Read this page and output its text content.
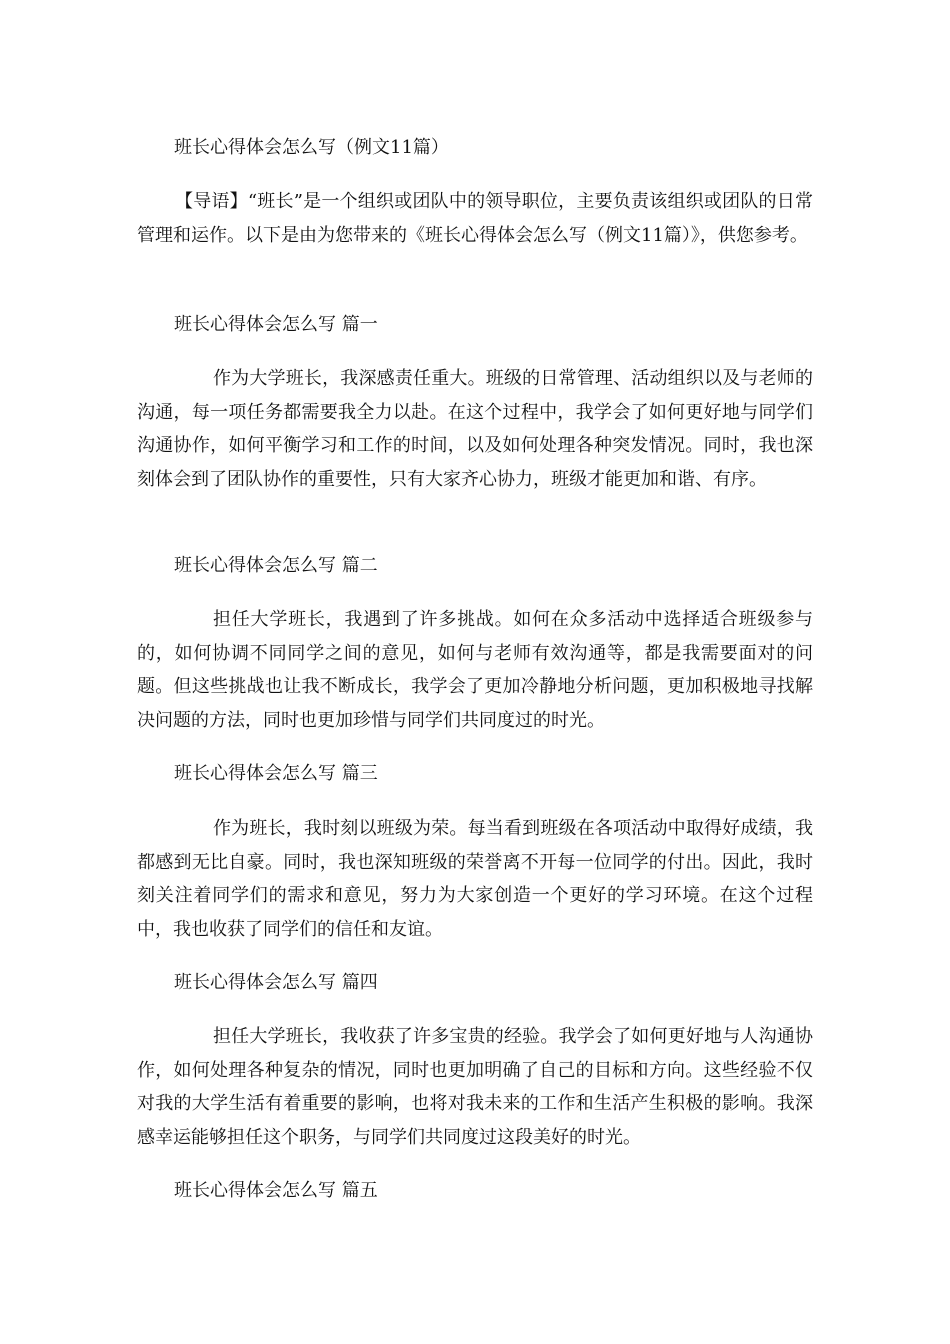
班长心得体会怎么写（例文11篇）

【导语】“班长”是一个组织或团队中的领导职位，主要负责该组织或团队的日常管理和运作。以下是由为您带来的《班长心得体会怎么写（例文11篇）》，供您参考。

班长心得体会怎么写 篇一

作为大学班长，我深感责任重大。班级的日常管理、活动组织以及与老师的沟通，每一项任务都需要我全力以赴。在这个过程中，我学会了如何更好地与同学们沟通协作，如何平衡学习和工作的时间，以及如何处理各种突发情况。同时，我也深刻体会到了团队协作的重要性，只有大家齐心协力，班级才能更加和谐、有序。

班长心得体会怎么写 篇二

担任大学班长，我遇到了许多挑战。如何在众多活动中选择适合班级参与的，如何协调不同同学之间的意见，如何与老师有效沟通等，都是我需要面对的问题。但这些挑战也让我不断成长，我学会了更加冷静地分析问题，更加积极地寻找解决问题的方法，同时也更加珍惜与同学们共同度过的时光。

班长心得体会怎么写 篇三

作为班长，我时刻以班级为荣。每当看到班级在各项活动中取得好成绩，我都感到无比自豪。同时，我也深知班级的荣誉离不开每一位同学的付出。因此，我时刻关注着同学们的需求和意见，努力为大家创造一个更好的学习环境。在这个过程中，我也收获了同学们的信任和友谊。

班长心得体会怎么写 篇四

担任大学班长，我收获了许多宝贵的经验。我学会了如何更好地与人沟通协作，如何处理各种复杂的情况，同时也更加明确了自己的目标和方向。这些经验不仅对我的大学生活有着重要的影响，也将对我未来的工作和生活产生积极的影响。我深感幸运能够担任这个职务，与同学们共同度过这段美好的时光。

班长心得体会怎么写 篇五
